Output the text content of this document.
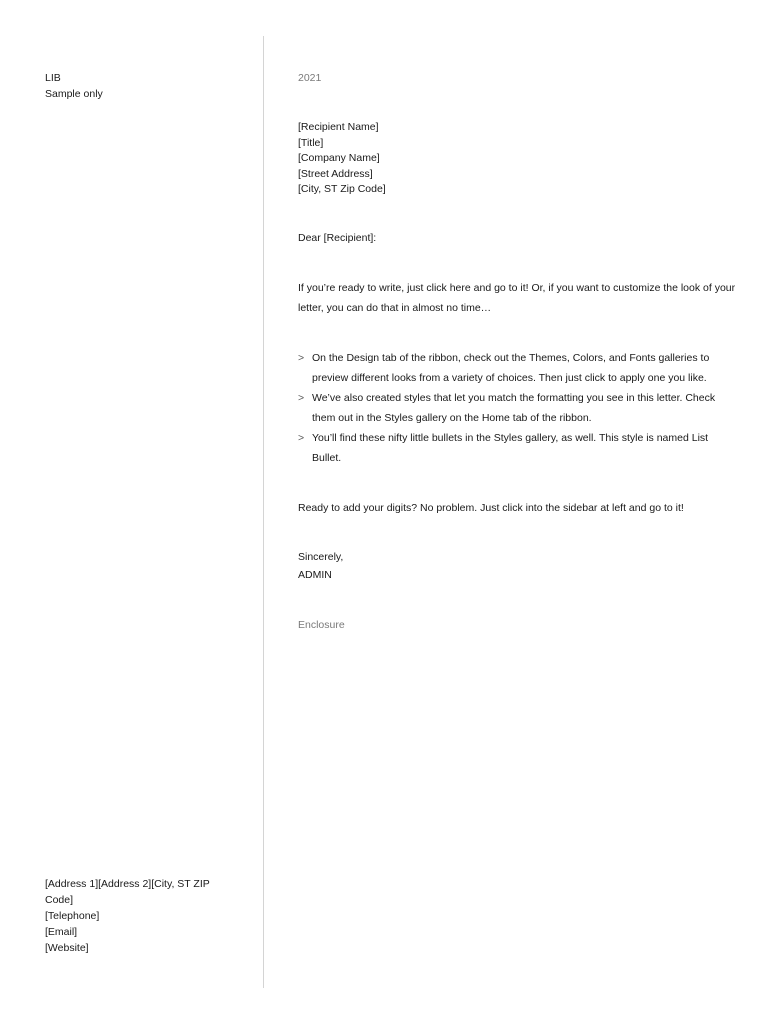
LIB
Sample only
[Address 1][Address 2][City, ST ZIP
Code]
[Telephone]
[Email]
[Website]
2021
[Recipient Name]
[Title]
[Company Name]
[Street Address]
[City, ST Zip Code]
Dear [Recipient]:
If you’re ready to write, just click here and go to it! Or, if you want to customize the look of your letter, you can do that in almost no time…
> On the Design tab of the ribbon, check out the Themes, Colors, and Fonts galleries to preview different looks from a variety of choices. Then just click to apply one you like.
> We’ve also created styles that let you match the formatting you see in this letter. Check them out in the Styles gallery on the Home tab of the ribbon.
> You’ll find these nifty little bullets in the Styles gallery, as well. This style is named List Bullet.
Ready to add your digits? No problem. Just click into the sidebar at left and go to it!
Sincerely,
ADMIN
Enclosure
